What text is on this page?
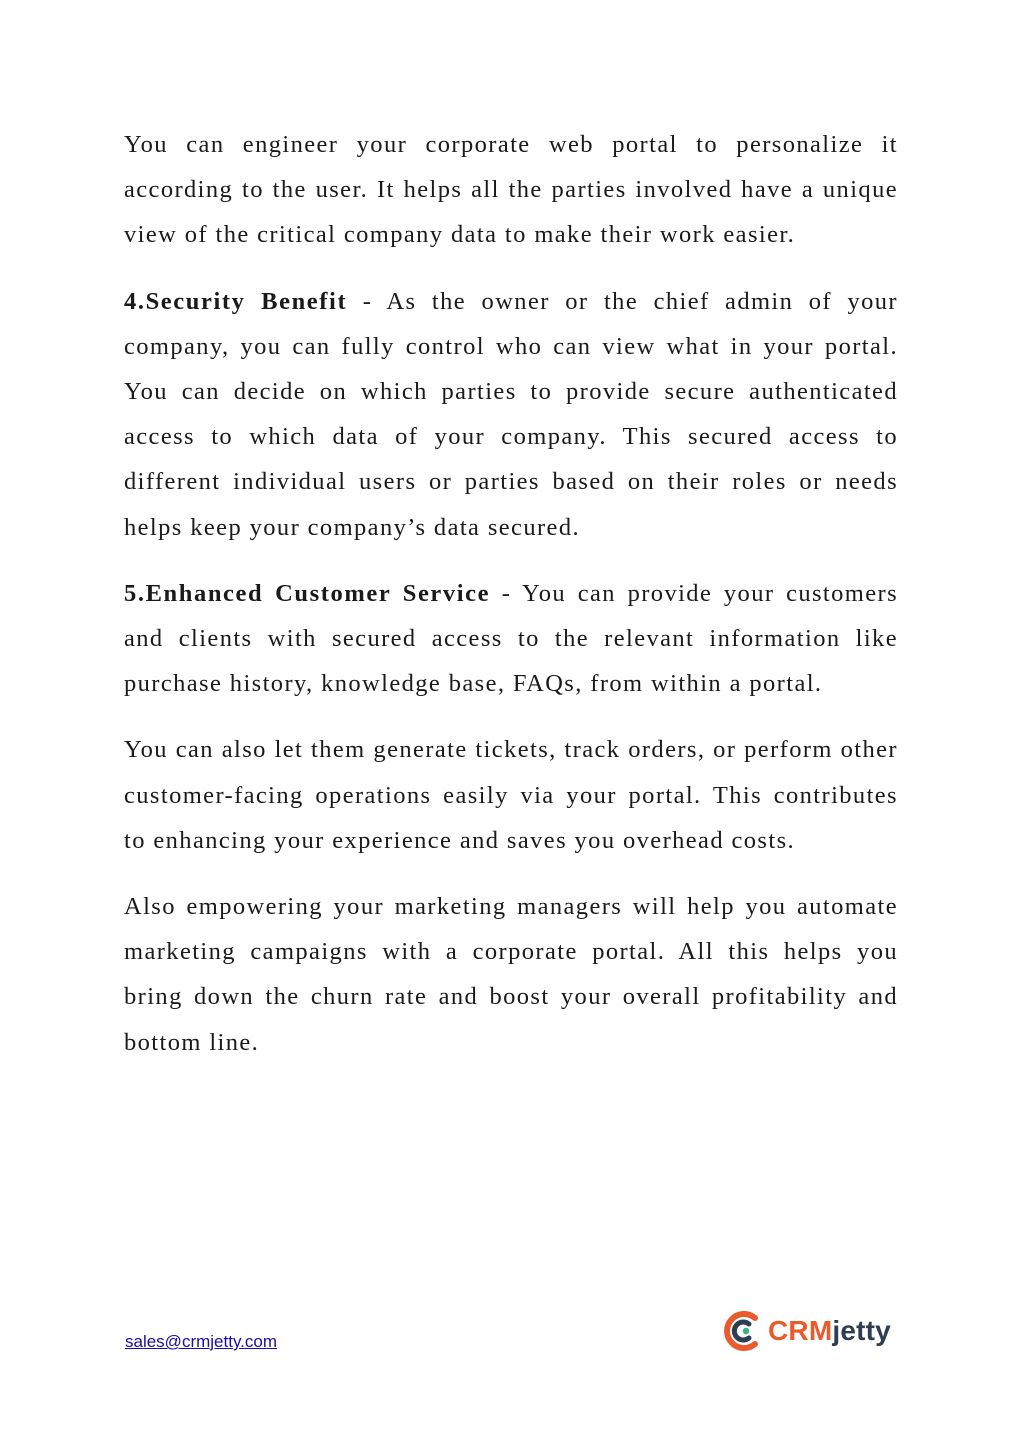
You can engineer your corporate web portal to personalize it according to the user. It helps all the parties involved have a unique view of the critical company data to make their work easier.

4.Security Benefit - As the owner or the chief admin of your company, you can fully control who can view what in your portal. You can decide on which parties to provide secure authenticated access to which data of your company. This secured access to different individual users or parties based on their roles or needs helps keep your company’s data secured.

5.Enhanced Customer Service - You can provide your customers and clients with secured access to the relevant information like purchase history, knowledge base, FAQs, from within a portal.

You can also let them generate tickets, track orders, or perform other customer-facing operations easily via your portal. This contributes to enhancing your experience and saves you overhead costs.

Also empowering your marketing managers will help you automate marketing campaigns with a corporate portal. All this helps you bring down the churn rate and boost your overall profitability and bottom line.

sales@crmjetty.com	CRMjetty
